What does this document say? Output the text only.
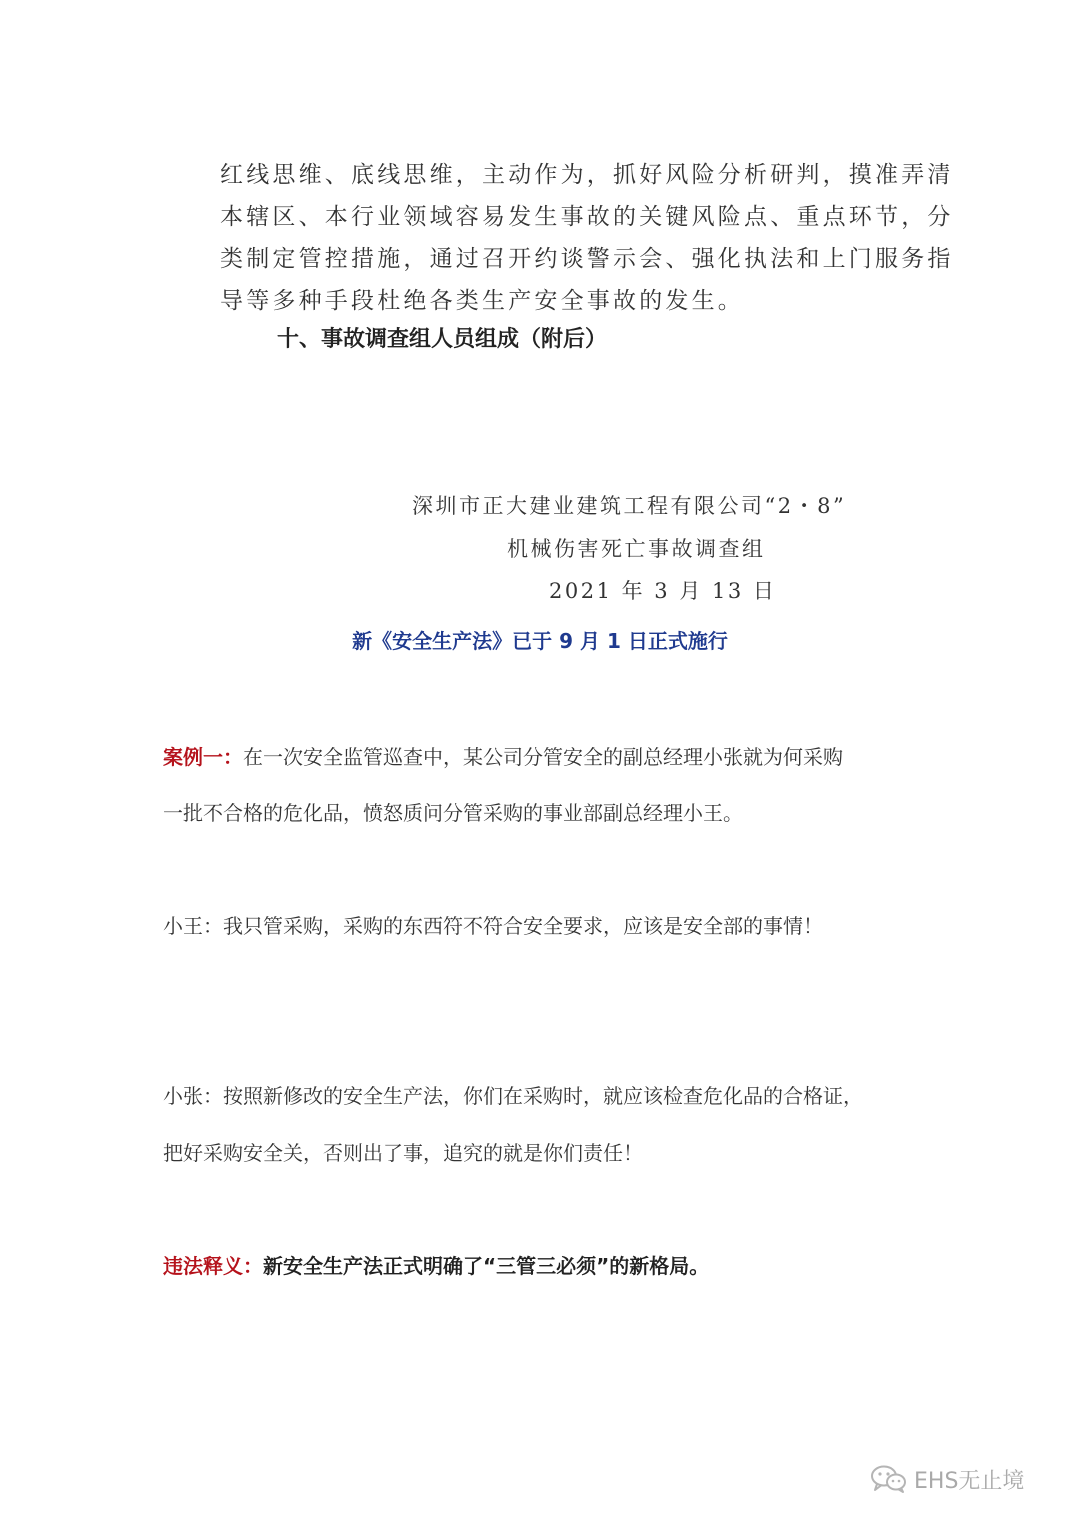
红线思维、底线思维，主动作为，抓好风险分析研判，摸准弄清
本辖区、本行业领域容易发生事故的关键风险点、重点环节，分
类制定管控措施，通过召开约谈警示会、强化执法和上门服务指
导等多种手段杜绝各类生产安全事故的发生。
十、事故调查组人员组成（附后）
深圳市正大建业建筑工程有限公司“2・8”
机械伤害死亡事故调查组
2021 年 3 月 13 日
新《安全生产法》已于 9 月 1 日正式施行
案例一：在一次安全监管巡查中，某公司分管安全的副总经理小张就为何采购
一批不合格的危化品，愤怒质问分管采购的事业部副总经理小王。
小王：我只管采购，采购的东西符不符合安全要求，应该是安全部的事情！
小张：按照新修改的安全生产法，你们在采购时，就应该检查危化品的合格证，
把好采购安全关，否则出了事，追究的就是你们责任！
违法释义：新安全生产法正式明确了“三管三必须”的新格局。
EHS无止境
